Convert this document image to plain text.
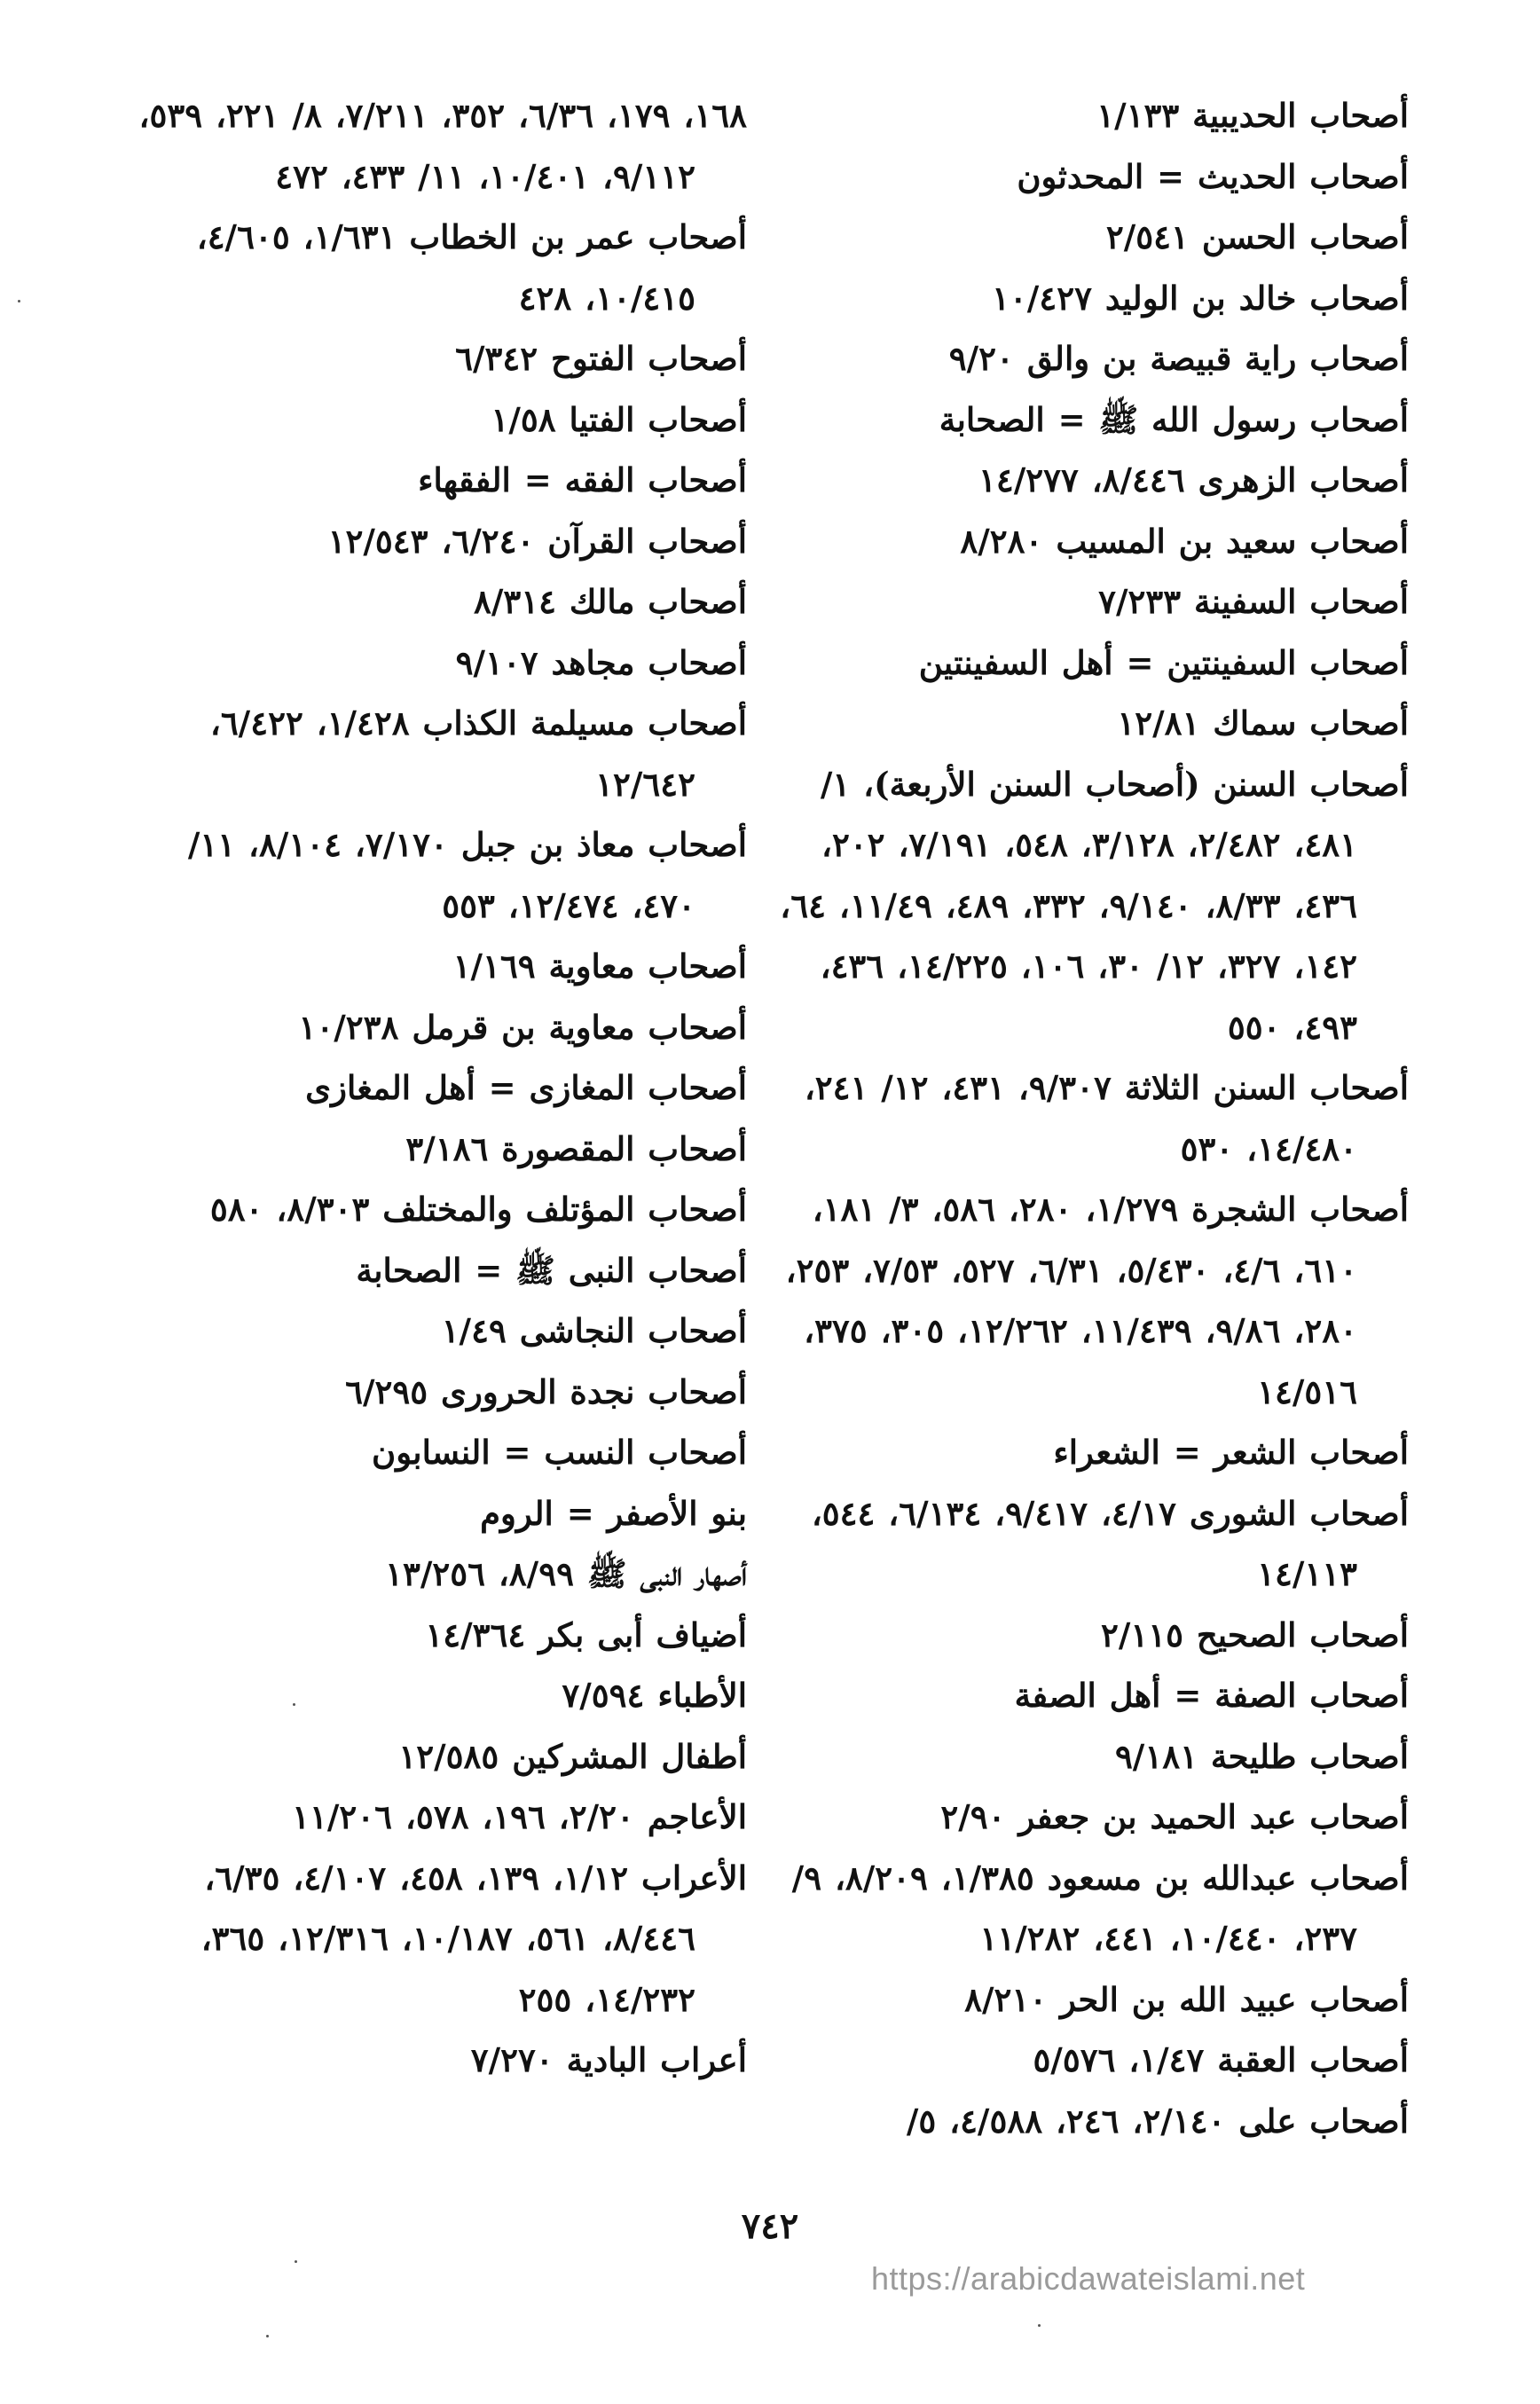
أصحاب الحديبية ١/١٣٣

أصحاب الحديث = المحدثون

أصحاب الحسن ٢/٥٤١

أصحاب خالد بن الوليد ١٠/٤٢٧

أصحاب راية قبيصة بن والق ٩/٢٠

أصحاب رسول الله ﷺ = الصحابة

أصحاب الزهرى ٨/٤٤٦، ١٤/٢٧٧

أصحاب سعيد بن المسيب ٨/٢٨٠

أصحاب السفينة ٧/٢٣٣

أصحاب السفينتين = أهل السفينتين

أصحاب سماك ١٢/٨١

أصحاب السنن (أصحاب السنن الأربعة)، ١/ ٤٨١، ٢/٤٨٢، ٣/١٢٨، ٥٤٨، ٧/١٩١، ٢٠٢، ٤٣٦، ٨/٣٣، ٩/١٤٠، ٣٣٢، ٤٨٩، ١١/٤٩، ٦٤، ١٤٢، ٣٢٧، ١٢/ ٣٠، ١٠٦، ١٤/٢٢٥، ٤٣٦، ٤٩٣، ٥٥٠

أصحاب السنن الثلاثة ٩/٣٠٧، ٤٣١، ١٢/ ٢٤١، ١٤/٤٨٠، ٥٣٠

أصحاب الشجرة ١/٢٧٩، ٢٨٠، ٥٨٦، ٣/ ١٨١، ٦١٠، ٤/٦، ٥/٤٣٠، ٦/٣١، ٥٢٧، ٧/٥٣، ٢٥٣، ٢٨٠، ٩/٨٦، ١١/٤٣٩، ١٢/٢٦٢، ٣٠٥، ٣٧٥، ١٤/٥١٦

أصحاب الشعر = الشعراء

أصحاب الشورى ٤/١٧، ٩/٤١٧، ٦/١٣٤، ٥٤٤، ١٤/١١٣

أصحاب الصحيح ٢/١١٥

أصحاب الصفة = أهل الصفة

أصحاب طليحة ٩/١٨١

أصحاب عبد الحميد بن جعفر ٢/٩٠

أصحاب عبدالله بن مسعود ١/٣٨٥، ٨/٢٠٩، ٩/ ٢٣٧، ١٠/٤٤٠، ٤٤١، ١١/٢٨٢

أصحاب عبيد الله بن الحر ٨/٢١٠

أصحاب العقبة ١/٤٧، ٥/٥٧٦

أصحاب على ٢/١٤٠، ٢٤٦، ٤/٥٨٨، ٥/

١٦٨، ١٧٩، ٦/٣٦، ٣٥٢، ٧/٢١١، ٨/ ٢٢١، ٥٣٩، ٩/١١٢، ١٠/٤٠١، ١١/ ٤٣٣، ٤٧٢

أصحاب عمر بن الخطاب ١/٦٣١، ٤/٦٠٥، ١٠/٤١٥، ٤٢٨

أصحاب الفتوح ٦/٣٤٢

أصحاب الفتيا ١/٥٨

أصحاب الفقه = الفقهاء

أصحاب القرآن ٦/٢٤٠، ١٢/٥٤٣

أصحاب مالك ٨/٣١٤

أصحاب مجاهد ٩/١٠٧

أصحاب مسيلمة الكذاب ١/٤٢٨، ٦/٤٢٢، ١٢/٦٤٢

أصحاب معاذ بن جبل ٧/١٧٠، ٨/١٠٤، ١١/ ٤٧٠، ١٢/٤٧٤، ٥٥٣

أصحاب معاوية ١/١٦٩

أصحاب معاوية بن قرمل ١٠/٢٣٨

أصحاب المغازى = أهل المغازى

أصحاب المقصورة ٣/١٨٦

أصحاب المؤتلف والمختلف ٨/٣٠٣، ٥٨٠

أصحاب النبى ﷺ = الصحابة

أصحاب النجاشى ١/٤٩

أصحاب نجدة الحرورى ٦/٢٩٥

أصحاب النسب = النسابون

بنو الأصفر = الروم

أصهار النبى ﷺ ٨/٩٩، ١٣/٢٥٦

أضياف أبى بكر ١٤/٣٦٤

الأطباء ٧/٥٩٤

أطفال المشركين ١٢/٥٨٥

الأعاجم ٢/٢٠، ١٩٦، ٥٧٨، ١١/٢٠٦

الأعراب ١/١٢، ١٣٩، ٤٥٨، ٤/١٠٧، ٦/٣٥، ٨/٤٤٦، ٥٦١، ١٠/١٨٧، ١٢/٣١٦، ٣٦٥، ١٤/٢٣٢، ٢٥٥

أعراب البادية ٧/٢٧٠

٧٤٢
https://arabicdawateislami.net
